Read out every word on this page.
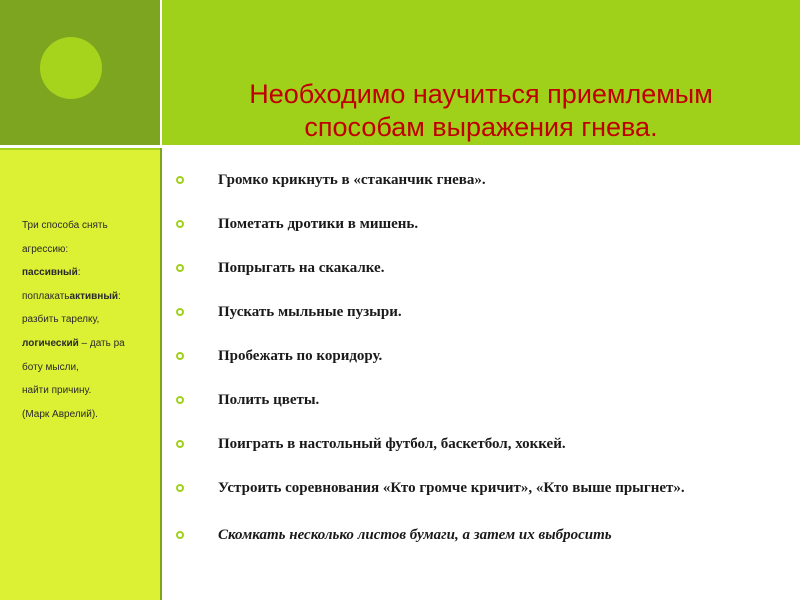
Необходимо научиться приемлемым
способам выражения гнева.
Три способа снять
агрессию:
пассивный:
поплакатьактивный:
разбить тарелку,
логический – дать ра
боту мысли,
найти причину.
(Марк Аврелий).
Громко крикнуть в «стаканчик гнева».
Пометать дротики в мишень.
Попрыгать на скакалке.
Пускать мыльные пузыри.
Пробежать по коридору.
Полить цветы.
Поиграть в настольный футбол, баскетбол, хоккей.
Устроить соревнования «Кто громче кричит», «Кто выше прыгнет».
Скомкать несколько листов бумаги, а затем их выбросить
